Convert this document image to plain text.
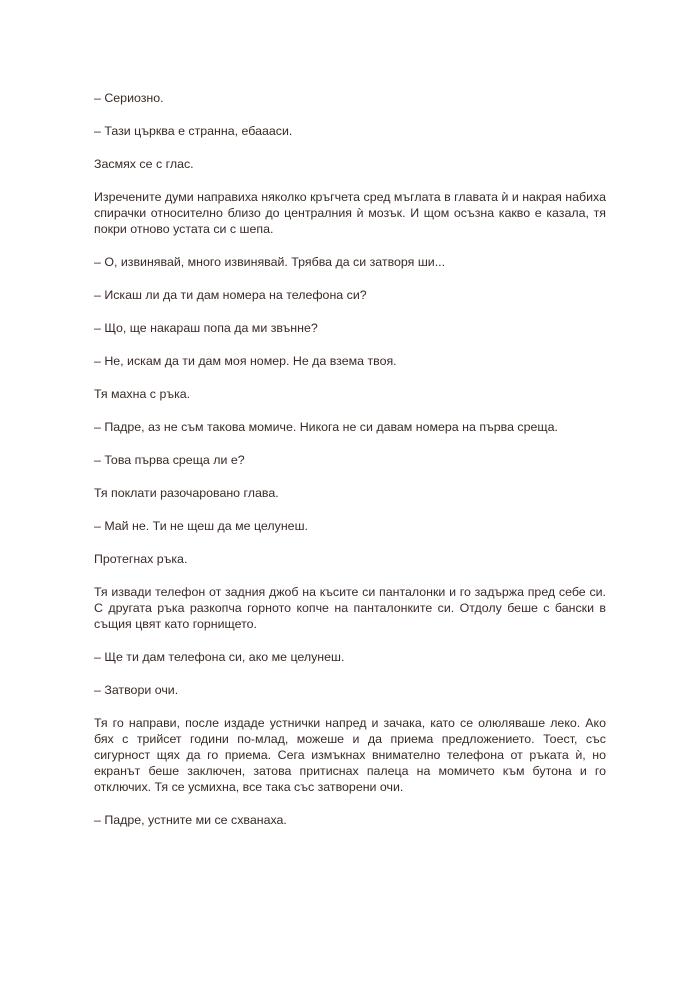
– Сериозно.

– Тази църква е странна, ебаааси.

Засмях се с глас.

Изречените думи направиха няколко кръгчета сред мъглата в главата ѝ и накрая набиха спирачки относително близо до централния ѝ мозък. И щом осъзна какво е казала, тя покри отново устата си с шепа.

– О, извинявай, много извинявай. Трябва да си затворя ши...

– Искаш ли да ти дам номера на телефона си?

– Що, ще накараш попа да ми звънне?

– Не, искам да ти дам моя номер. Не да взема твоя.

Тя махна с ръка.

– Падре, аз не съм такова момиче. Никога не си давам номера на първа среща.

– Това първа среща ли е?

Тя поклати разочаровано глава.

– Май не. Ти не щеш да ме целунеш.

Протегнах ръка.

Тя извади телефон от задния джоб на късите си панталонки и го задържа пред себе си. С другата ръка разкопча горното копче на панталонките си. Отдолу беше с бански в същия цвят като горнището.

– Ще ти дам телефона си, ако ме целунеш.

– Затвори очи.

Тя го направи, после издаде устнички напред и зачака, като се олюляваше леко. Ако бях с трийсет години по-млад, можеше и да приема предложението. Тоест, със сигурност щях да го приема. Сега измъкнах внимателно телефона от ръката ѝ, но екранът беше заключен, затова притиснах палеца на момичето към бутона и го отключих. Тя се усмихна, все така със затворени очи.

– Падре, устните ми се схванаха.
